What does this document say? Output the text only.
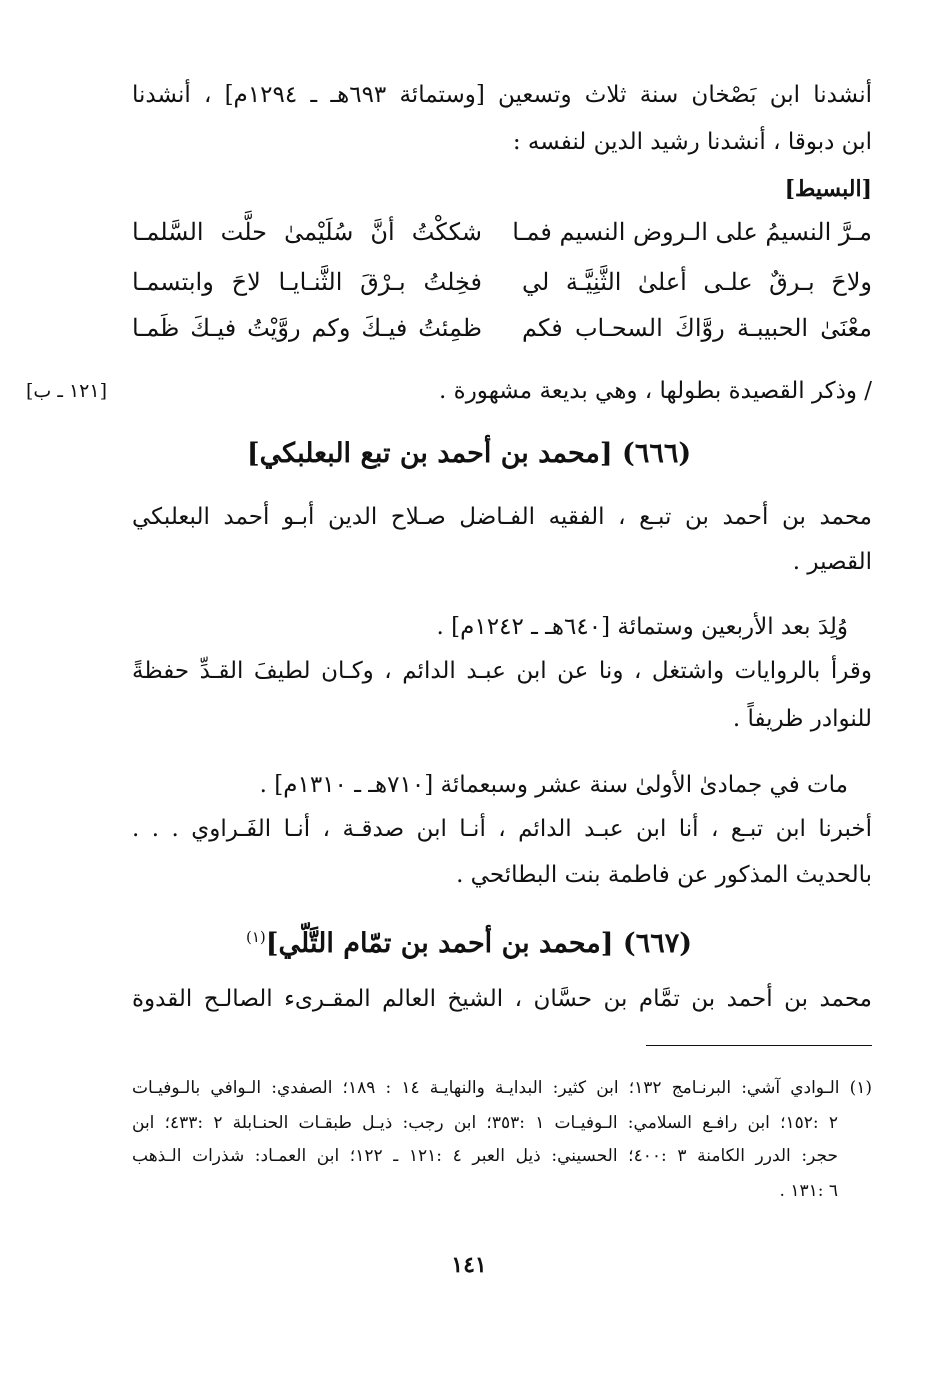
أنشدنا ابن بَصْخان سنة ثلاث وتسعين [وستمائة ٦٩٣هـ ـ ١٢٩٤م] ، أنشدنا
ابن دبوقا ، أنشدنا رشيد الدين لنفسه :
[البسيط]
مـرَّ النسيمُ على الـروض النسيم فمـا
شككْتُ أنَّ سُلَيْمىٰ حلَّت السَّلمـا
ولاحَ بـرقٌ علـى أعلىٰ الثَّنِيَّـة لي
فخِلتُ بـرْقَ الثَّنـايـا لاحَ وابتسمـا
معْنَىٰ الحبيبـة روَّاكَ السحـاب فكم
ظمِئتُ فيـكَ وكم روَّيْتُ فيـكَ ظَمـا
/ وذكر القصيدة بطولها ، وهي بديعة مشهورة .
[١٢١ ـ ب]
(٦٦٦) [محمد بن أحمد بن تبع البعلبكي]
محمد بن أحمد بن تبـع ، الفقيه الفـاضل صـلاح الدين أبـو أحمد البعلبكي
القصير .
وُلِدَ بعد الأربعين وستمائة [٦٤٠هـ ـ ١٢٤٢م] .
وقرأ بالروايات واشتغل ، ونا عن ابن عبـد الدائم ، وكـان لطيفَ القـدِّ حفظةً
للنوادر ظريفاً .
مات في جمادىٰ الأولىٰ سنة عشر وسبعمائة [٧١٠هـ ـ ١٣١٠م] .
أخبرنا ابن تبـع ، أنا ابن عبـد الدائم ، أنـا ابن صدقـة ، أنـا الفَـراوي . . .
بالحديث المذكور عن فاطمة بنت البطائحي .
(٦٦٧) [محمد بن أحمد بن تمّام التَّلّي]$^{(١)}$
محمد بن أحمد بن تمَّام بن حسَّان ، الشيخ العالم المقـرىء الصالـح القدوة
(١) الـوادي آشي: البرنـامج ١٣٢؛ ابن كثير: البدايـة والنهايـة ١٤ : ١٨٩؛ الصفدي: الـوافي بالـوفيـات
٢ :١٥٢؛ ابن رافـع السلامي: الـوفيـات ١ :٣٥٣؛ ابن رجب: ذيـل طبقـات الحنـابلة ٢ :٤٣٣؛ ابن
حجر: الدرر الكامنة ٣ :٤٠٠؛ الحسيني: ذيل العبر ٤ :١٢١ ـ ١٢٢؛ ابن العمـاد: شذرات الـذهب
٦ :١٣١ .
١٤١
